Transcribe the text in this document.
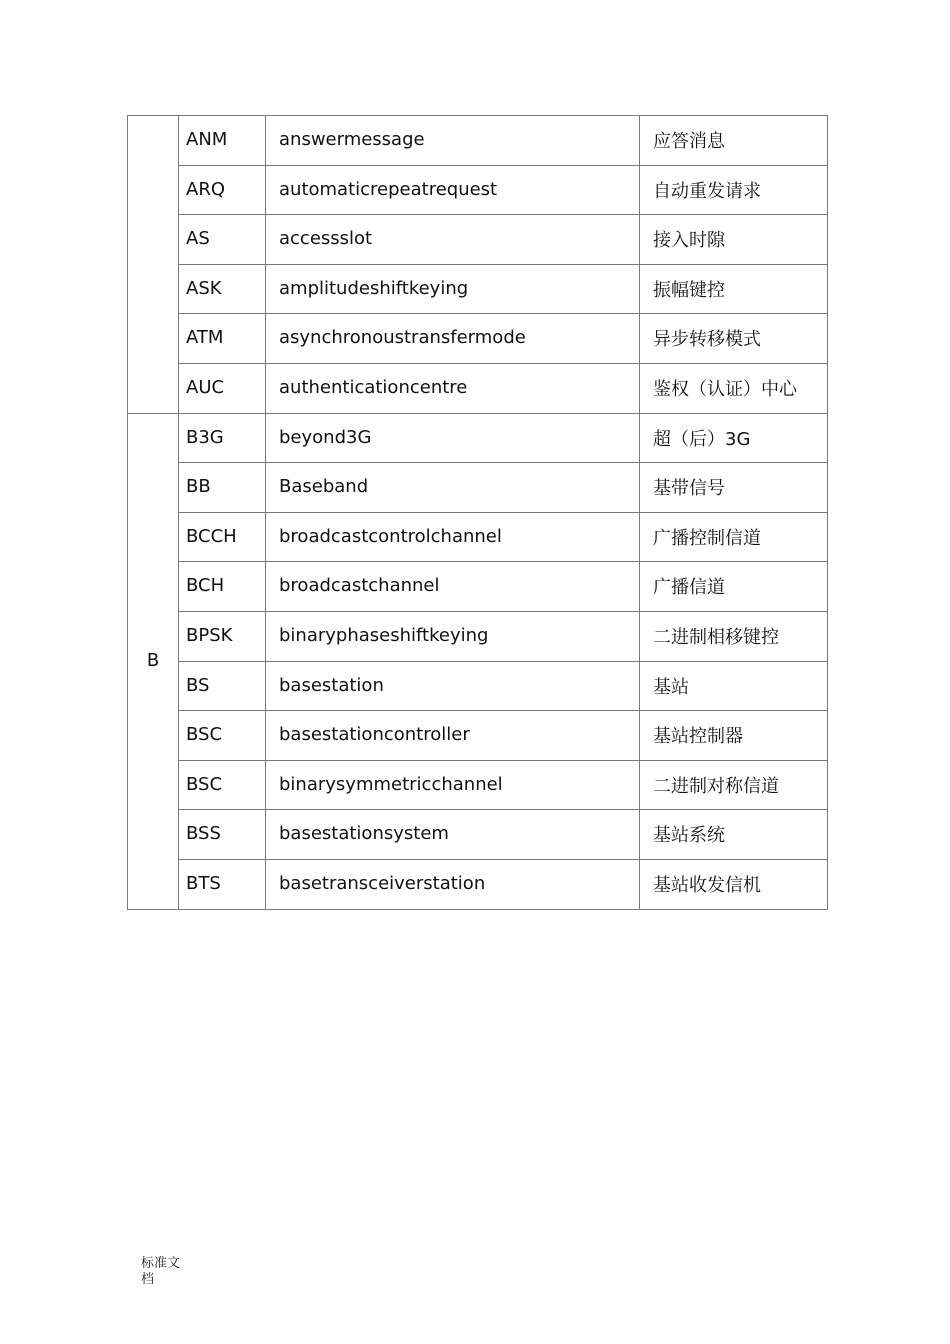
	ANM	answermessage	应答消息

	ARQ	automaticrepeatrequest	自动重发请求

	AS	accessslot	接入时隙

	ASK	amplitudeshiftkeying	振幅键控

	ATM	asynchronoustransfermode	异步转移模式

	AUC	authenticationcentre	鉴权（认证）中心

B	B3G	beyond3G	超（后）3G

	BB	Baseband	基带信号

	BCCH	broadcastcontrolchannel	广播控制信道

	BCH	broadcastchannel	广播信道

	BPSK	binaryphaseshiftkeying	二进制相移键控

	BS	basestation	基站

	BSC	basestationcontroller	基站控制器

	BSC	binarysymmetricchannel	二进制对称信道

	BSS	basestationsystem	基站系统

	BTS	basetransceiverstation	基站收发信机
标准文档
